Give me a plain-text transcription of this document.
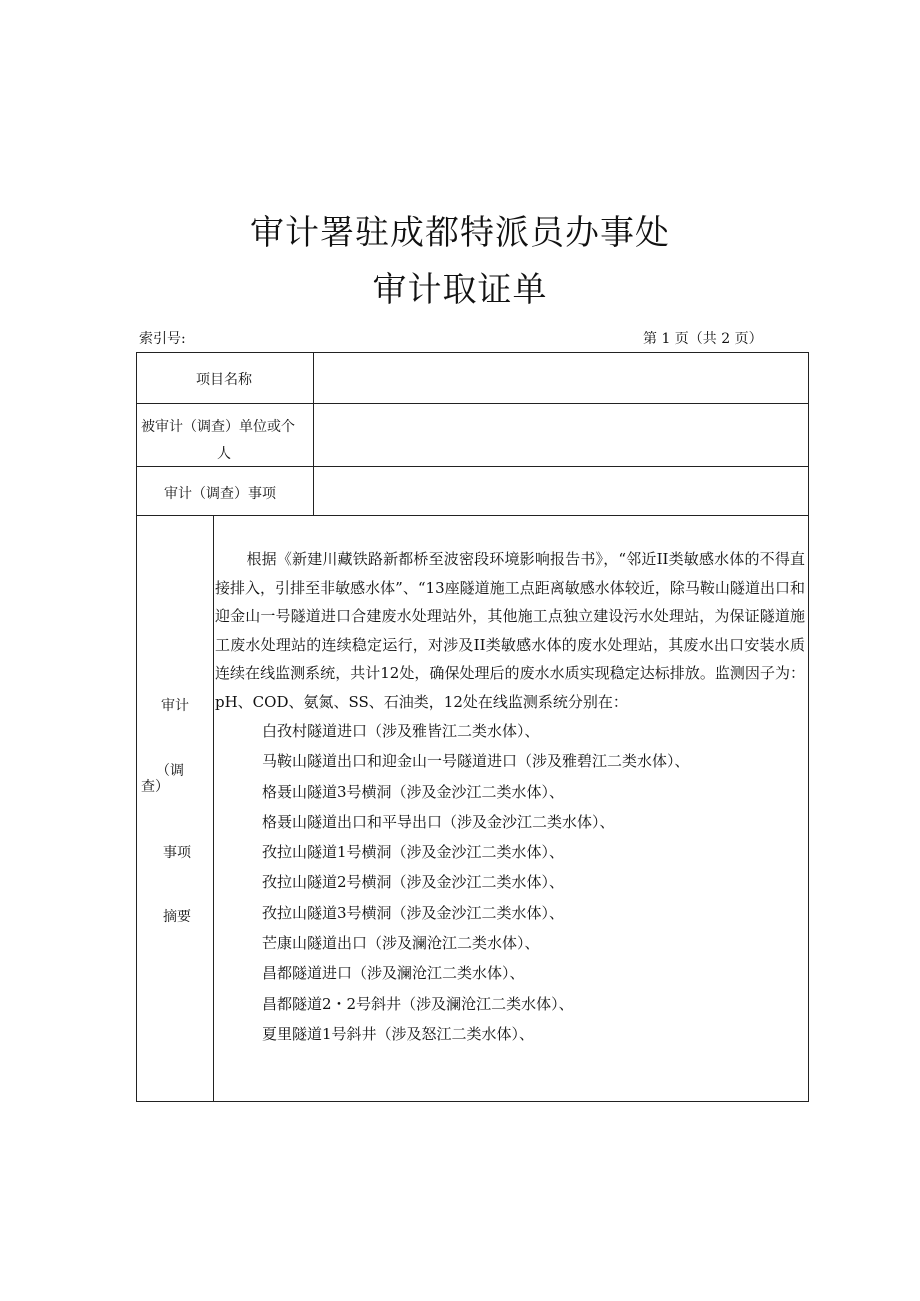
审计署驻成都特派员办事处
审计取证单
索引号:	第 1 页（共 2 页）
项目名称
被审计（调查）单位或个
人
审计（调查）事项
审计
（调
查）
事项
摘要

根据《新建川藏铁路新都桥至波密段环境影响报告书》，“邻近II类敏感水体的不得直接排入，引排至非敏感水体”、“13座隧道施工点距离敏感水体较近，除马鞍山隧道出口和迎金山一号隧道进口合建废水处理站外，其他施工点独立建设污水处理站，为保证隧道施工废水处理站的连续稳定运行，对涉及II类敏感水体的废水处理站，其废水出口安装水质连续在线监测系统，共计12处，确保处理后的废水水质实现稳定达标排放。监测因子为：pH、COD、氨氮、SS、石油类，12处在线监测系统分别在：

白孜村隧道进口（涉及雅皆江二类水体）、
马鞍山隧道出口和迎金山一号隧道进口（涉及雅碧江二类水体）、
格聂山隧道3号横洞（涉及金沙江二类水体）、
格聂山隧道出口和平导出口（涉及金沙江二类水体）、
孜拉山隧道1号横洞（涉及金沙江二类水体）、
孜拉山隧道2号横洞（涉及金沙江二类水体）、
孜拉山隧道3号横洞（涉及金沙江二类水体）、
芒康山隧道出口（涉及澜沧江二类水体）、
昌都隧道进口（涉及澜沧江二类水体）、
昌都隧道2・2号斜井（涉及澜沧江二类水体）、
夏里隧道1号斜井（涉及怒江二类水体）、
